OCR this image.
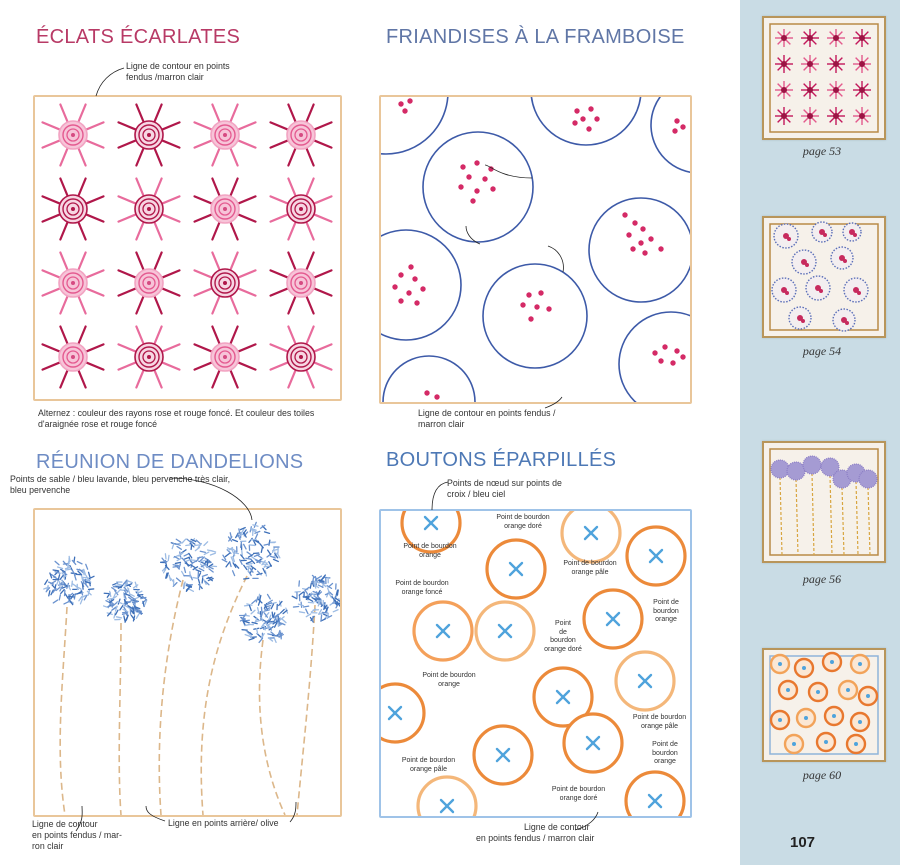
ÉCLATS ÉCARLATES	FRIANDISES À LA FRAMBOISE
RÉUNION DE DANDELIONS	BOUTONS ÉPARPILLÉS
Ligne de contour en points
fendus /marron clair
Alternez : couleur des rayons rose et rouge foncé. Et couleur des toiles
d'araignée rose et rouge foncé
Ligne de contour en points fendus /
marron clair
Points de sable / bleu lavande, bleu pervenche très clair,
bleu pervenche
Ligne de contour
en points fendus / mar-
ron clair
Ligne en points arrière/ olive
Points de nœud sur points de
croix / bleu ciel
Ligne de contour
en points fendus / marron clair
Point de bourdon
orange doré
Point de bourdon
orange
Point de bourdon
orange pâle
Point de bourdon
orange foncé
Point de bourdon
orange
Point
de
bourdon
orange doré
Point de bourdon orange
Point de bourdon
orange pâle
Point de bourdon
orange pâle
Point de bourdon
orange doré
Point de
bourdon
orange
page 53
page 54
page 56
page 60
107
